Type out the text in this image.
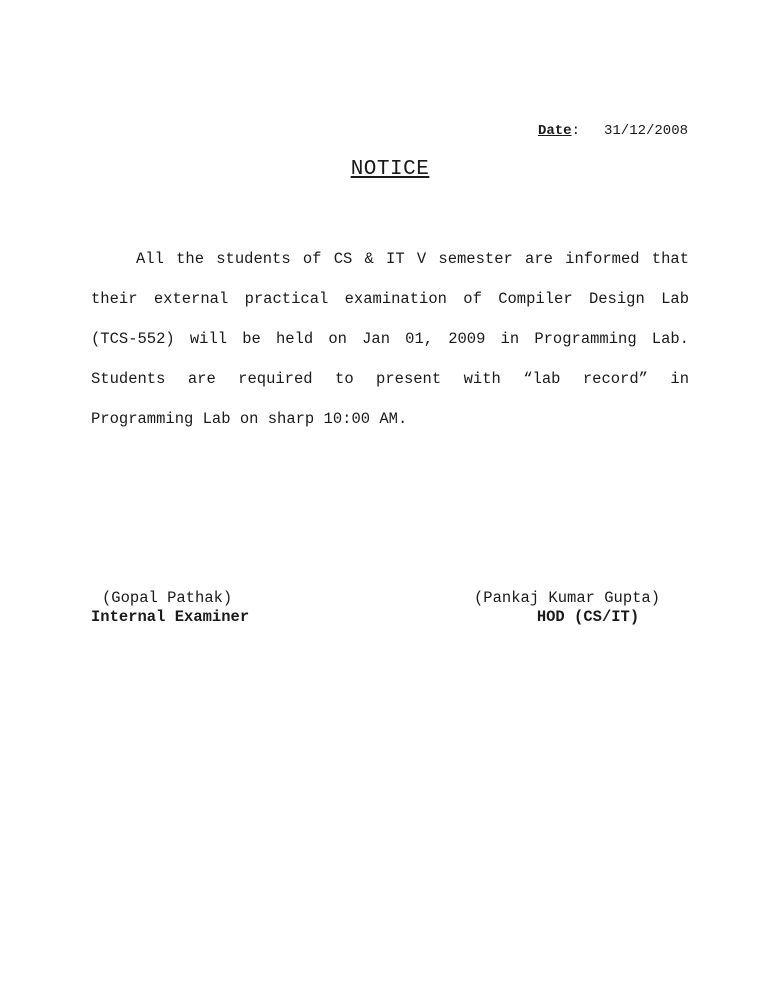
Date: 31/12/2008
NOTICE

All the students of CS & IT V semester are informed that their external practical examination of Compiler Design Lab (TCS-552) will be held on Jan 01, 2009 in Programming Lab. Students are required to present with “lab record” in Programming Lab on sharp 10:00 AM.

(Gopal Pathak)
Internal Examiner
(Pankaj Kumar Gupta)
HOD (CS/IT)
